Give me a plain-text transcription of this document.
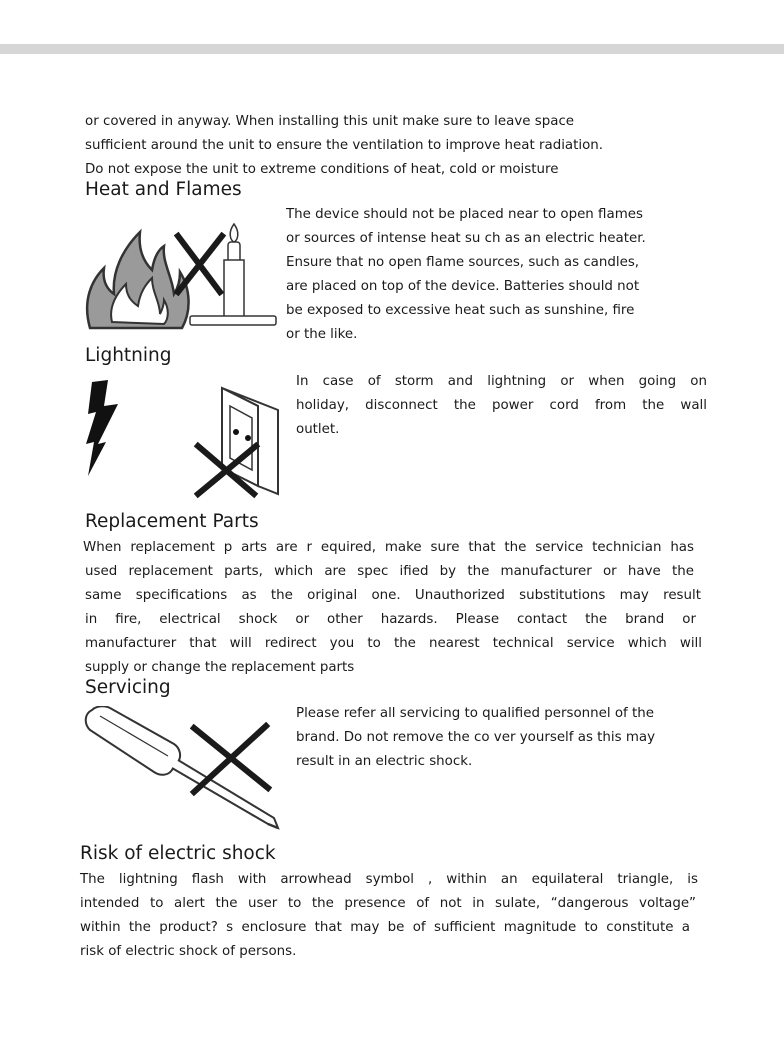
or covered in anyway. When installing this unit make sure to leave space
sufficient around the unit to ensure the ventilation to improve heat radiation.
Do not expose the unit to extreme conditions of heat, cold or moisture
Heat and Flames
The device should not be placed near to open flames
or sources of intense heat su ch as an electric heater.
Ensure that no open flame sources, such as candles,
are placed on top of the device. Batteries should not
be exposed to excessive heat such as sunshine, fire
or the like.
Lightning
In case of storm and lightning or when going on
holiday, disconnect the power cord from the wall
outlet.
Replacement Parts
When replacement p arts are r equired, make sure that the service technician has
used replacement parts, which are spec ified by the manufacturer or have the
same specifications as the original one. Unauthorized substitutions may result
in fire, electrical shock or other hazards. Please contact the brand or
manufacturer that will redirect you to the nearest technical service which will
supply or change the replacement parts
Servicing
Please refer all servicing to qualified personnel of the
brand. Do not remove the co ver yourself as this may
result in an electric shock.
Risk of electric shock
The lightning flash with arrowhead symbol , within an equilateral triangle, is
intended to alert the user to the presence of not in sulate, “dangerous voltage”
within the product? s enclosure that may be of sufficient magnitude to constitute a
risk of electric shock of persons.
